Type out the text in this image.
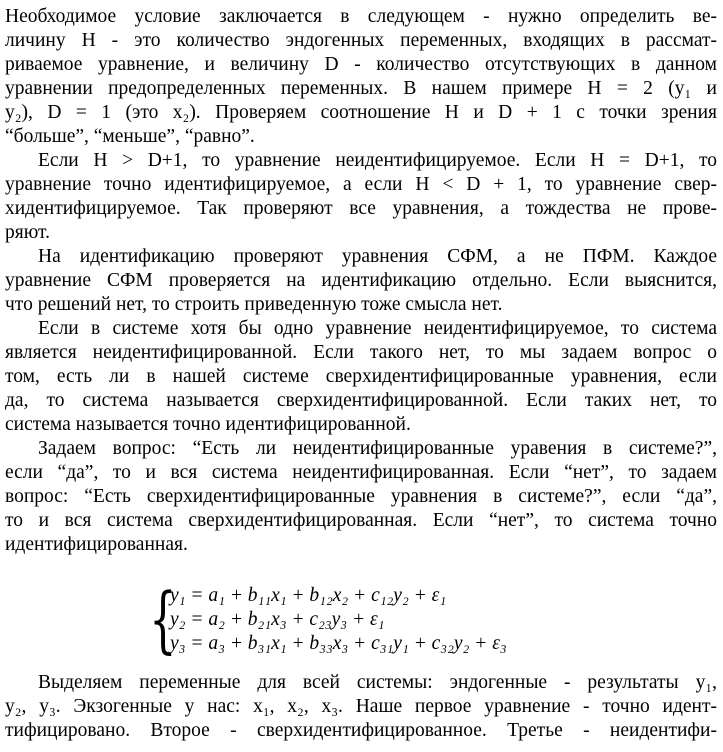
Необходимое условие заключается в следующем - нужно определить ве-
личину H - это количество эндогенных переменных, входящих в рассмат-
риваемое уравнение, и величину D - количество отсутствующих в данном
уравнении предопределенных переменных. В нашем примере H = 2 (y₁ и
y₂), D = 1 (это x₂). Проверяем соотношение H и D + 1 с точки зрения
“больше”, “меньше”, “равно”.
Если H > D+1, то уравнение неидентифицируемое. Если H = D+1, то
уравнение точно идентифицируемое, а если H < D + 1, то уравнение свер-
хидентифицируемое. Так проверяют все уравнения, а тождества не прове-
ряют.
На идентификацию проверяют уравнения СФМ, а не ПФМ. Каждое
уравнение СФМ проверяется на идентификацию отдельно. Если выяснится,
что решений нет, то строить приведенную тоже смысла нет.
Если в системе хотя бы одно уравнение неидентифицируемое, то система
является неидентифицированной. Если такого нет, то мы задаем вопрос о
том, есть ли в нашей системе сверхидентифицированные уравнения, если
да, то система называется сверхидентифицированной. Если таких нет, то
система называется точно идентифицированной.
Задаем вопрос: “Есть ли неидентифицированные уравения в системе?”,
если “да”, то и вся система неидентифицированная. Если “нет”, то задаем
вопрос: “Есть сверхидентифицированные уравнения в системе?”, если “да”,
то и вся система сверхидентифицированная. Если “нет”, то система точно
идентифицированная.
y₁ = a₁ + b₁₁x₁ + b₁₂x₂ + c₁₂y₂ + ε₁
y₂ = a₂ + b₂₁x₃ + c₂₃y₃ + ε₁
y₃ = a₃ + b₃₁x₁ + b₃₃x₃ + c₃₁y₁ + c₃₂y₂ + ε₃
Выделяем переменные для всей системы: эндогенные - результаты y₁,
y₂, y₃. Экзогенные у нас: x₁, x₂, x₃. Наше первое уравнение - точно идент-
тифицировано. Второе - сверхидентифицированное. Третье - неидентифи-
{
